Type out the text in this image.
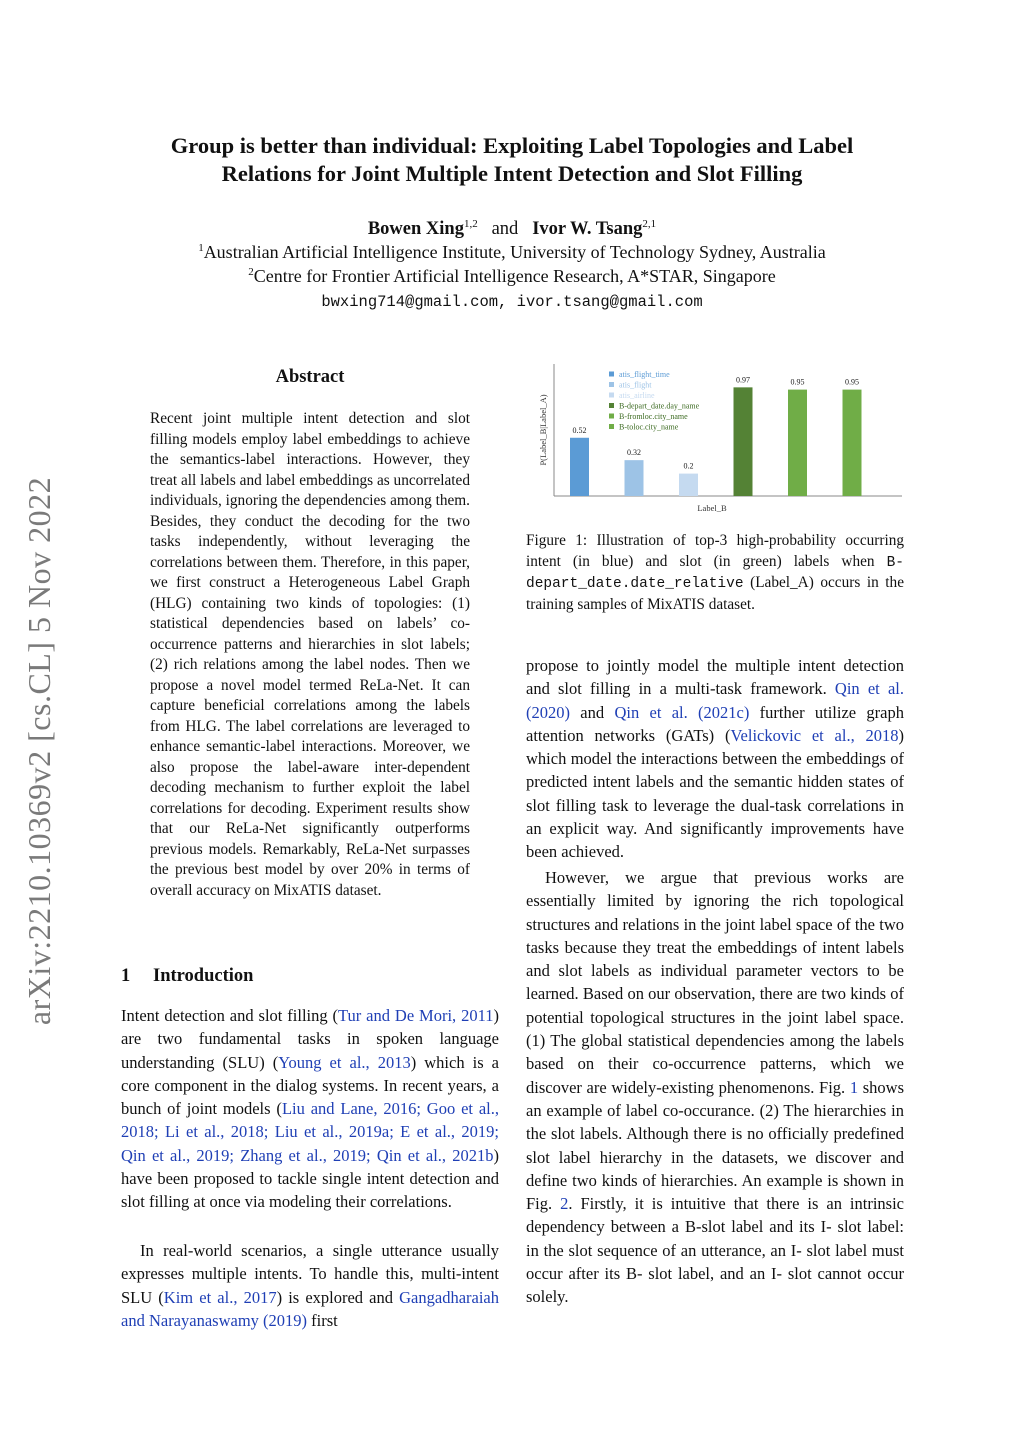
Group is better than individual: Exploiting Label Topologies and Label
Relations for Joint Multiple Intent Detection and Slot Filling
Bowen Xing$^{1,2}$ and Ivor W. Tsang$^{2,1}$
$^1$Australian Artificial Intelligence Institute, University of Technology Sydney, Australia
$^2$Centre for Frontier Artificial Intelligence Research, A*STAR, Singapore
bwxing714@gmail.com, ivor.tsang@gmail.com
arXiv:2210.10369v2 [cs.CL] 5 Nov 2022
Abstract
Recent joint multiple intent detection and slot filling models employ label embeddings to achieve the semantics-label interactions. However, they treat all labels and label embeddings as uncorrelated individuals, ignoring the dependencies among them. Besides, they conduct the decoding for the two tasks independently, without leveraging the correlations between them. Therefore, in this paper, we first construct a Heterogeneous Label Graph (HLG) containing two kinds of topologies: (1) statistical dependencies based on labels’ co-occurrence patterns and hierarchies in slot labels; (2) rich relations among the label nodes. Then we propose a novel model termed ReLa-Net. It can capture beneficial correlations among the labels from HLG. The label correlations are leveraged to enhance semantic-label interactions. Moreover, we also propose the label-aware inter-dependent decoding mechanism to further exploit the label correlations for decoding. Experiment results show that our ReLa-Net significantly outperforms previous models. Remarkably, ReLa-Net surpasses the previous best model by over 20% in terms of overall accuracy on MixATIS dataset.
1 Introduction
Intent detection and slot filling (Tur and De Mori, 2011) are two fundamental tasks in spoken language understanding (SLU) (Young et al., 2013) which is a core component in the dialog systems. In recent years, a bunch of joint models (Liu and Lane, 2016; Goo et al., 2018; Li et al., 2018; Liu et al., 2019a; E et al., 2019; Qin et al., 2019; Zhang et al., 2019; Qin et al., 2021b) have been proposed to tackle single intent detection and slot filling at once via modeling their correlations.
In real-world scenarios, a single utterance usually expresses multiple intents. To handle this, multi-intent SLU (Kim et al., 2017) is explored and Gangadharaiah and Narayanaswamy (2019) first
P(Label_B|Label_A)
Label_B
0.52
0.32
0.2
0.97	0.95	0.95
atis_flight_time
atis_flight
atis_airline
B-depart_date.day_name
B-fromloc.city_name
B-toloc.city_name
Figure 1: Illustration of top-3 high-probability occurring intent (in blue) and slot (in green) labels when B-depart_date.date_relative (Label_A) occurs in the training samples of MixATIS dataset.
propose to jointly model the multiple intent detection and slot filling in a multi-task framework. Qin et al. (2020) and Qin et al. (2021c) further utilize graph attention networks (GATs) (Velickovic et al., 2018) which model the interactions between the embeddings of predicted intent labels and the semantic hidden states of slot filling task to leverage the dual-task correlations in an explicit way. And significantly improvements have been achieved.
However, we argue that previous works are essentially limited by ignoring the rich topological structures and relations in the joint label space of the two tasks because they treat the embeddings of intent labels and slot labels as individual parameter vectors to be learned. Based on our observation, there are two kinds of potential topological structures in the joint label space. (1) The global statistical dependencies among the labels based on their co-occurrence patterns, which we discover are widely-existing phenomenons. Fig. 1 shows an example of label co-occurance. (2) The hierarchies in the slot labels. Although there is no officially predefined slot label hierarchy in the datasets, we discover and define two kinds of hierarchies. An example is shown in Fig. 2. Firstly, it is intuitive that there is an intrinsic dependency between a B-slot label and its I- slot label: in the slot sequence of an utterance, an I- slot label must occur after its B- slot label, and an I- slot cannot occur solely.
